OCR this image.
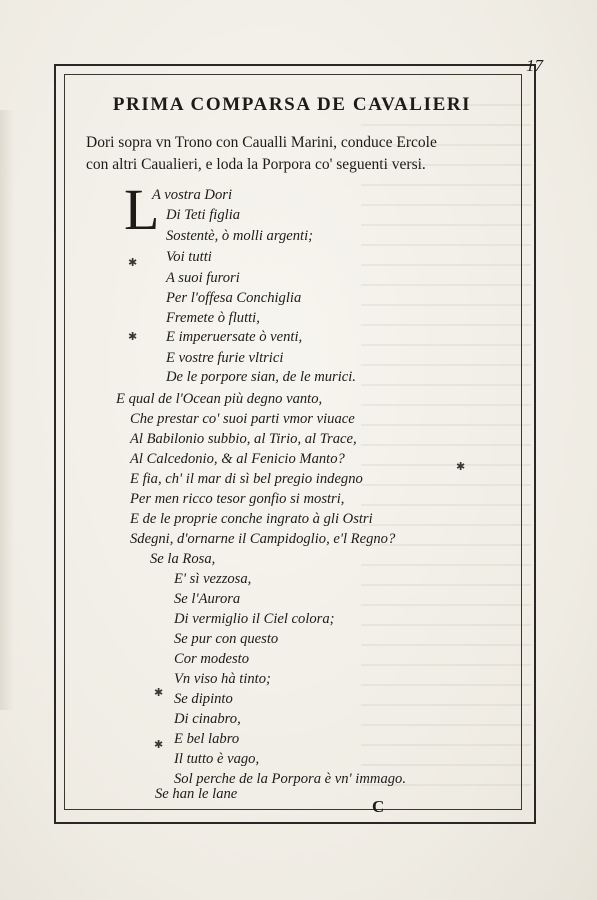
17
PRIMA COMPARSA DE CAVALIERI
Dori sopra vn Trono con Caualli Marini, conduce Ercole
con altri Caualieri, e loda la Porpora co' seguenti versi.
L
A vostra Dori
Di Teti figlia
Sostentè, ò molli argenti;
Voi tutti
A suoi furori
Per l'offesa Conchiglia
Fremete ò flutti,
E imperuersate ò venti,
E vostre furie vltrici
De le porpore sian, de le murici.
E qual de l'Ocean più degno vanto,
Che prestar co' suoi parti vmor viuace
Al Babilonio subbio, al Tirio, al Trace,
Al Calcedonio, & al Fenicio Manto?
E fia, ch' il mar di sì bel pregio indegno
Per men ricco tesor gonfio si mostri,
E de le proprie conche ingrato à gli Ostri
Sdegni, d'ornarne il Campidoglio, e'l Regno?
Se la Rosa,
E' sì vezzosa,
Se l'Aurora
Di vermiglio il Ciel colora;
Se pur con questo
Cor modesto
Vn viso hà tinto;
Se dipinto
Di cinabro,
E bel labro
Il tutto è vago,
Sol perche de la Porpora è vn' immago.
✱
✱
✱
✱
✱
Se han le lane
C
